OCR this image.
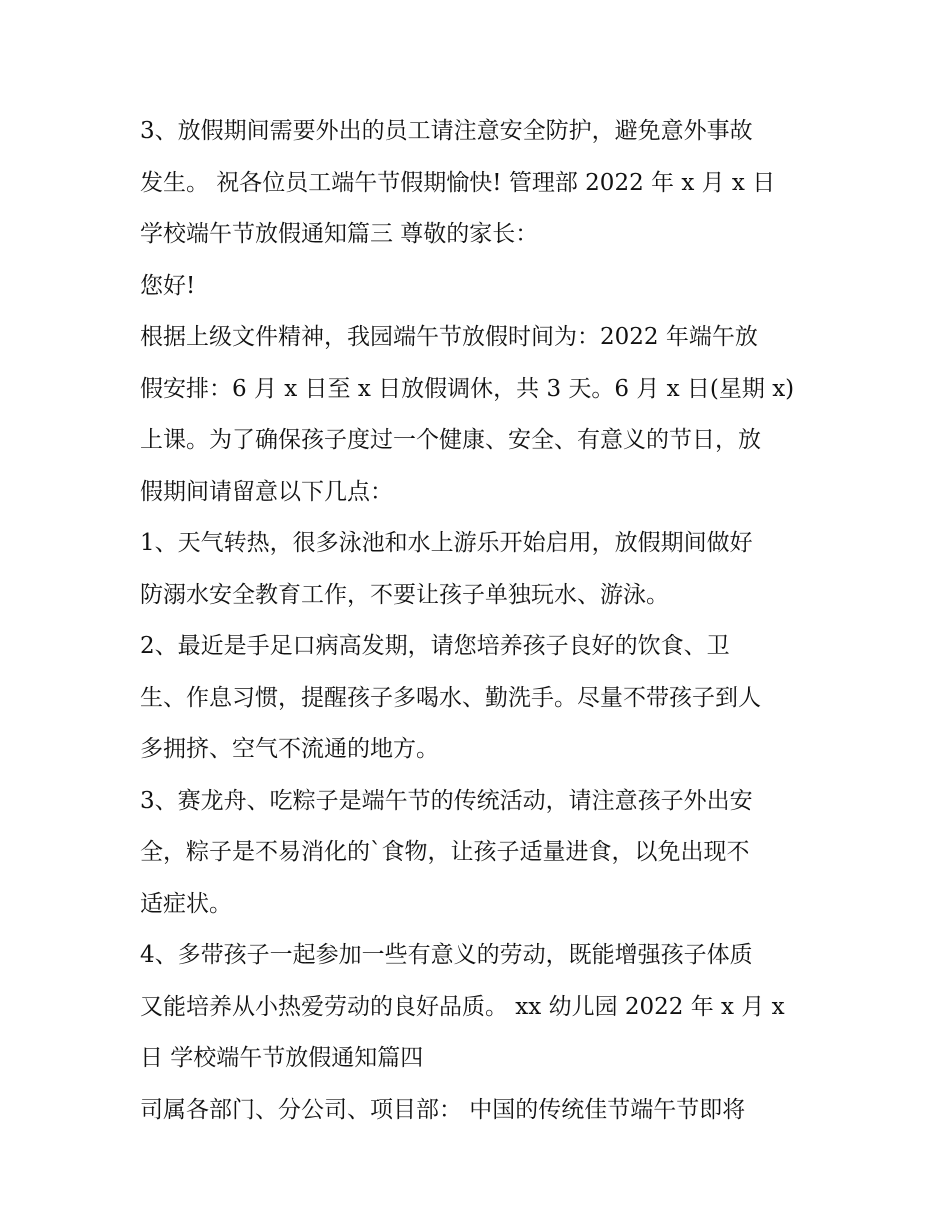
3、放假期间需要外出的员工请注意安全防护，避免意外事故
发生。 祝各位员工端午节假期愉快! 管理部 2022 年 x 月 x 日
学校端午节放假通知篇三 尊敬的家长：
您好!
根据上级文件精神，我园端午节放假时间为：2022 年端午放
假安排：6 月 x 日至 x 日放假调休，共 3 天。6 月 x 日(星期 x)
上课。为了确保孩子度过一个健康、安全、有意义的节日，放
假期间请留意以下几点：
1、天气转热，很多泳池和水上游乐开始启用，放假期间做好
防溺水安全教育工作，不要让孩子单独玩水、游泳。
2、最近是手足口病高发期，请您培养孩子良好的饮食、卫
生、作息习惯，提醒孩子多喝水、勤洗手。尽量不带孩子到人
多拥挤、空气不流通的地方。
3、赛龙舟、吃粽子是端午节的传统活动，请注意孩子外出安
全，粽子是不易消化的`食物，让孩子适量进食，以免出现不
适症状。
4、多带孩子一起参加一些有意义的劳动，既能增强孩子体质
又能培养从小热爱劳动的良好品质。 xx 幼儿园 2022 年 x 月 x
日 学校端午节放假通知篇四
司属各部门、分公司、项目部： 中国的传统佳节端午节即将
